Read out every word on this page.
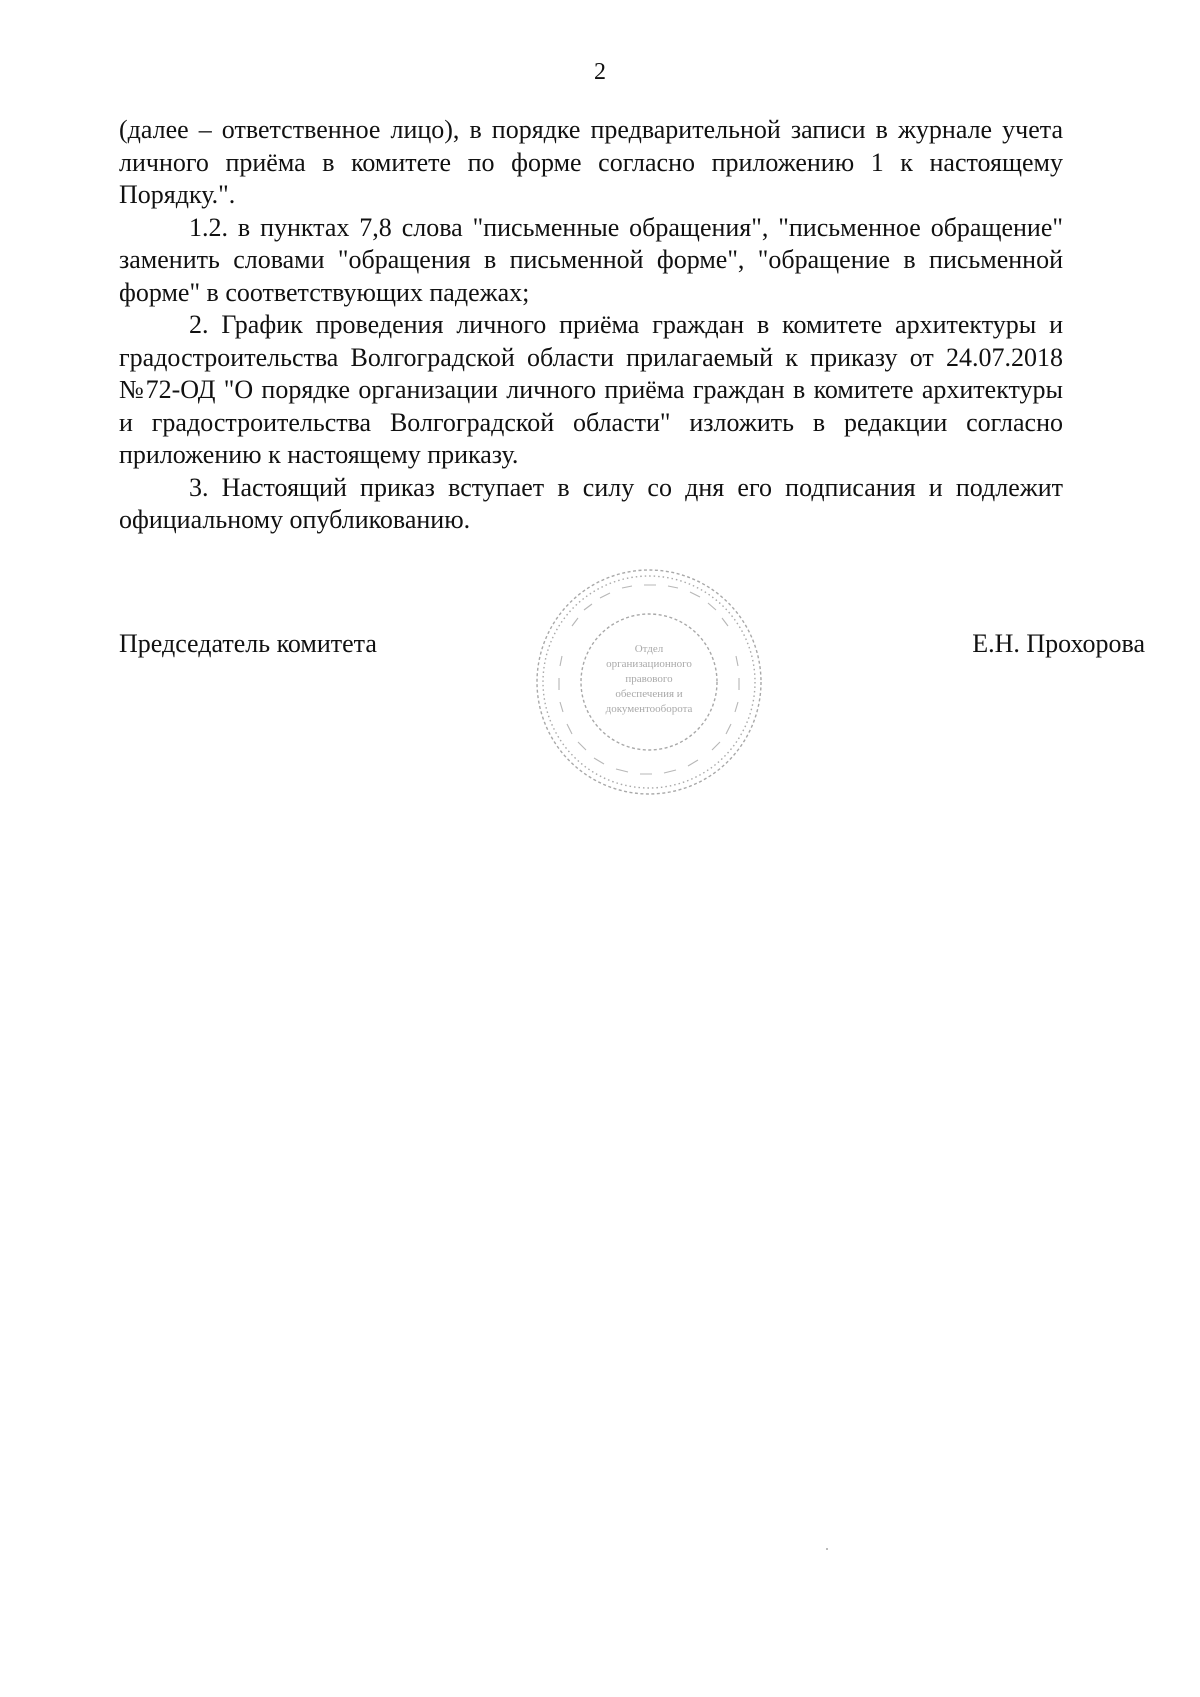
2

(далее – ответственное лицо), в порядке предварительной записи в журнале учета личного приёма в комитете по форме согласно приложению 1 к настоящему Порядку.".

1.2. в пунктах 7,8 слова "письменные обращения", "письменное обращение" заменить словами "обращения в письменной форме", "обращение в письменной форме" в соответствующих падежах;

2. График проведения личного приёма граждан в комитете архитектуры и градостроительства Волгоградской области прилагаемый к приказу от 24.07.2018 №72-ОД "О порядке организации личного приёма граждан в комитете архитектуры и градостроительства Волгоградской области" изложить в редакции согласно приложению к настоящему приказу.

3. Настоящий приказ вступает в силу со дня его подписания и подлежит официальному опубликованию.

Председатель комитета	Е.Н. Прохорова
Отдел
организационного
правового
обеспечения и
документооборота
